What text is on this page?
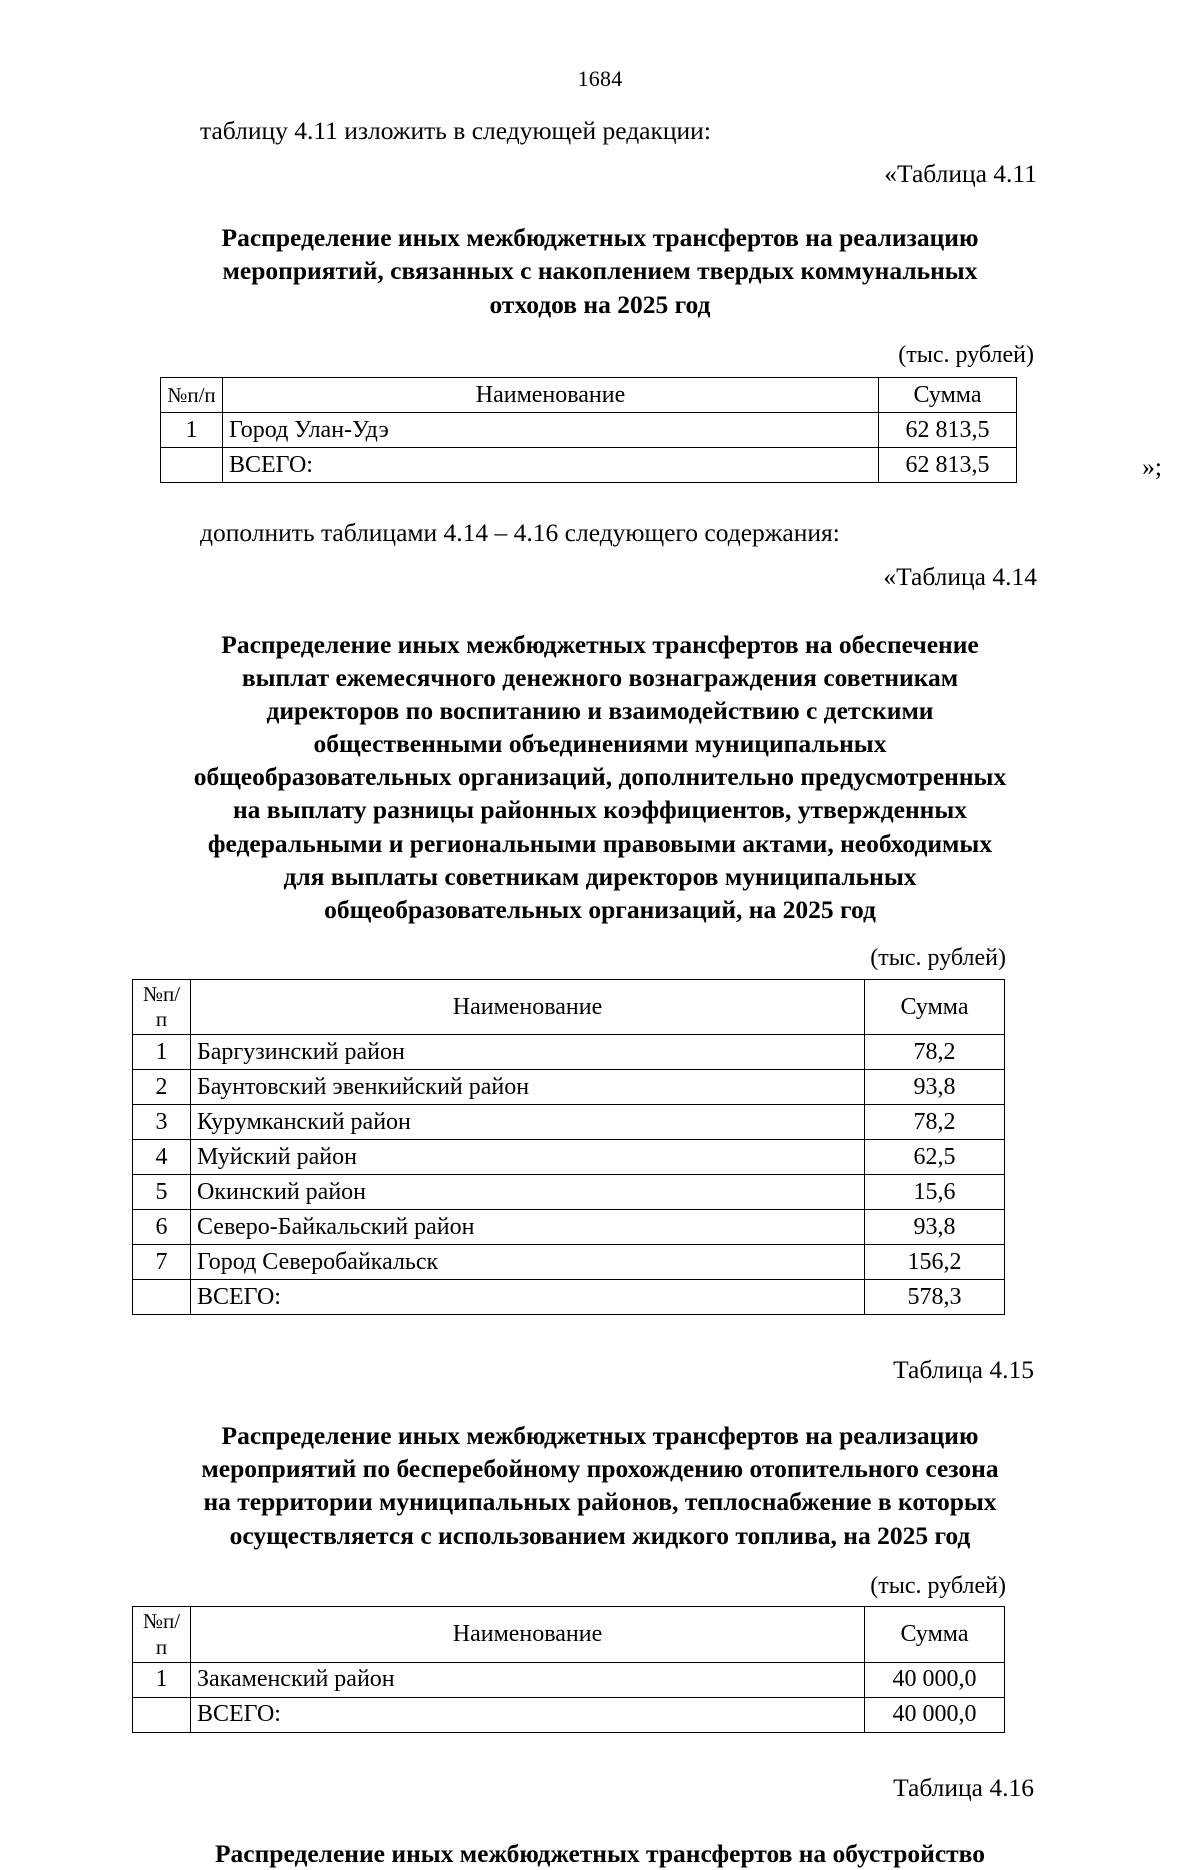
1684

таблицу 4.11 изложить в следующей редакции:

«Таблица 4.11

Распределение иных межбюджетных трансфертов на реализацию мероприятий, связанных с накоплением твердых коммунальных отходов на 2025 год

(тыс. рублей)

№п/п	Наименование	Сумма
1	Город Улан-Удэ	62 813,5
	ВСЕГО:	62 813,5	»;

дополнить таблицами 4.14 – 4.16 следующего содержания:

«Таблица 4.14

Распределение иных межбюджетных трансфертов на обеспечение выплат ежемесячного денежного вознаграждения советникам директоров по воспитанию и взаимодействию с детскими общественными объединениями муниципальных общеобразовательных организаций, дополнительно предусмотренных на выплату разницы районных коэффициентов, утвержденных федеральными и региональными правовыми актами, необходимых для выплаты советникам директоров муниципальных общеобразовательных организаций, на 2025 год

(тыс. рублей)

№п/п	Наименование	Сумма
1	Баргузинский район	78,2
2	Баунтовский эвенкийский район	93,8
3	Курумканский район	78,2
4	Муйский район	62,5
5	Окинский район	15,6
6	Северо-Байкальский район	93,8
7	Город Северобайкальск	156,2
	ВСЕГО:	578,3

Таблица 4.15

Распределение иных межбюджетных трансфертов на реализацию мероприятий по бесперебойному прохождению отопительного сезона на территории муниципальных районов, теплоснабжение в которых осуществляется с использованием жидкого топлива, на 2025 год

(тыс. рублей)

№п/п	Наименование	Сумма
1	Закаменский район	40 000,0
	ВСЕГО:	40 000,0

Таблица 4.16

Распределение иных межбюджетных трансфертов на обустройство
